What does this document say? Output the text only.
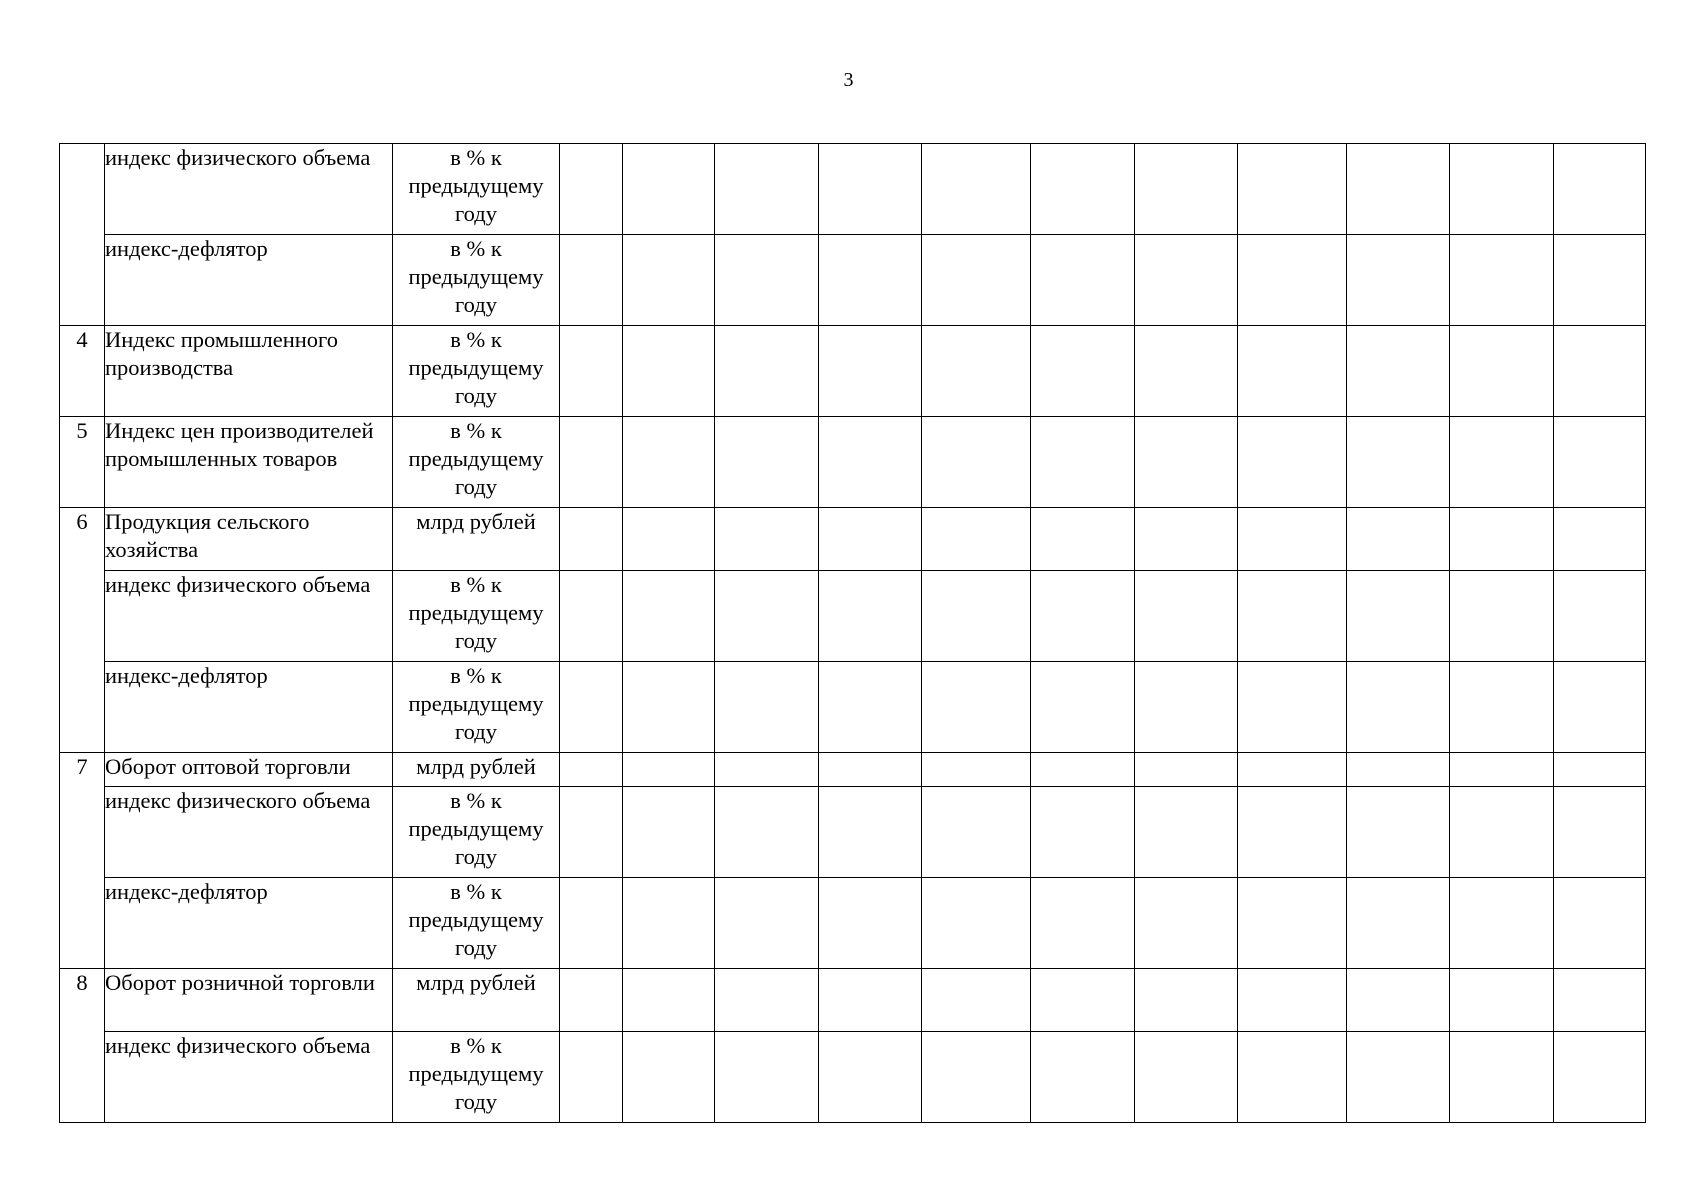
3
	индекс физического объема	в % к предыдущему году											
	индекс-дефлятор	в % к предыдущему году											
4	Индекс промышленного производства	в % к предыдущему году											
5	Индекс цен производителей промышленных товаров	в % к предыдущему году											
6	Продукция сельского хозяйства	млрд рублей											
	индекс физического объема	в % к предыдущему году											
	индекс-дефлятор	в % к предыдущему году											
7	Оборот оптовой торговли	млрд рублей											
	индекс физического объема	в % к предыдущему году											
	индекс-дефлятор	в % к предыдущему году											
8	Оборот розничной торговли	млрд рублей											
	индекс физического объема	в % к предыдущему году											
